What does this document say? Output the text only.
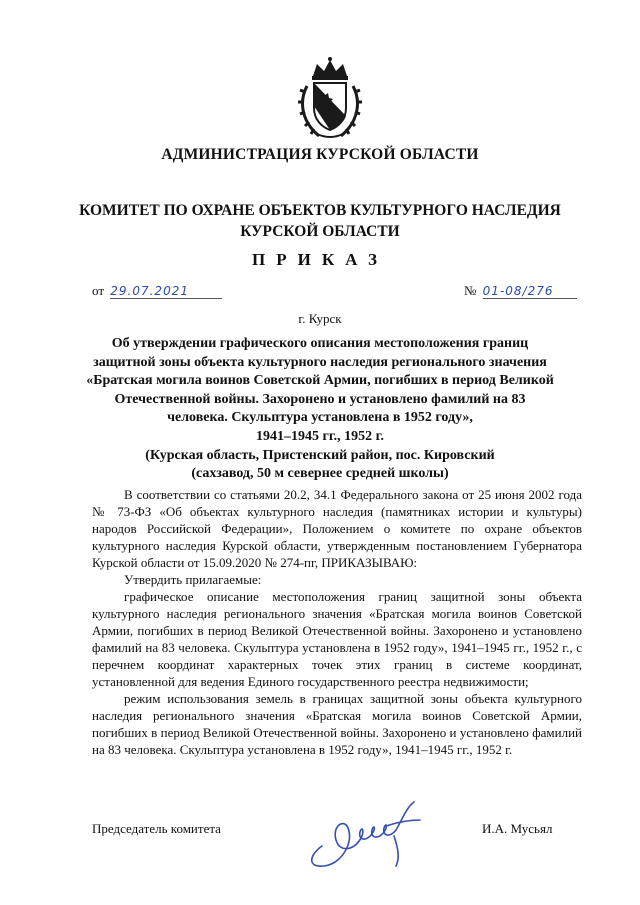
АДМИНИСТРАЦИЯ КУРСКОЙ ОБЛАСТИ
КОМИТЕТ ПО ОХРАНЕ ОБЪЕКТОВ КУЛЬТУРНОГО НАСЛЕДИЯ
КУРСКОЙ ОБЛАСТИ
ПРИКАЗ
от 29.07.2021	№ 01-08/276
г. Курск
Об утверждении графического описания местоположения границ
защитной зоны объекта культурного наследия регионального значения
«Братская могила воинов Советской Армии, погибших в период Великой
Отечественной войны. Захоронено и установлено фамилий на 83
человека. Скульптура установлена в 1952 году»,
1941–1945 гг., 1952 г.
(Курская область, Пристенский район, пос. Кировский
(сахзавод, 50 м севернее средней школы)

В соответствии со статьями 20.2, 34.1 Федерального закона от 25 июня 2002 года № 73-ФЗ «Об объектах культурного наследия (памятниках истории и культуры) народов Российской Федерации», Положением о комитете по охране объектов культурного наследия Курской области, утвержденным постановлением Губернатора Курской области от 15.09.2020 № 274-пг, ПРИКАЗЫВАЮ:

Утвердить прилагаемые:

графическое описание местоположения границ защитной зоны объекта культурного наследия регионального значения «Братская могила воинов Советской Армии, погибших в период Великой Отечественной войны. Захоронено и установлено фамилий на 83 человека. Скульптура установлена в 1952 году», 1941–1945 гг., 1952 г., с перечнем координат характерных точек этих границ в системе координат, установленной для ведения Единого государственного реестра недвижимости;

режим использования земель в границах защитной зоны объекта культурного наследия регионального значения «Братская могила воинов Советской Армии, погибших в период Великой Отечественной войны. Захоронено и установлено фамилий на 83 человека. Скульптура установлена в 1952 году», 1941–1945 гг., 1952 г.

Председатель комитета	И.А. Мусьял
